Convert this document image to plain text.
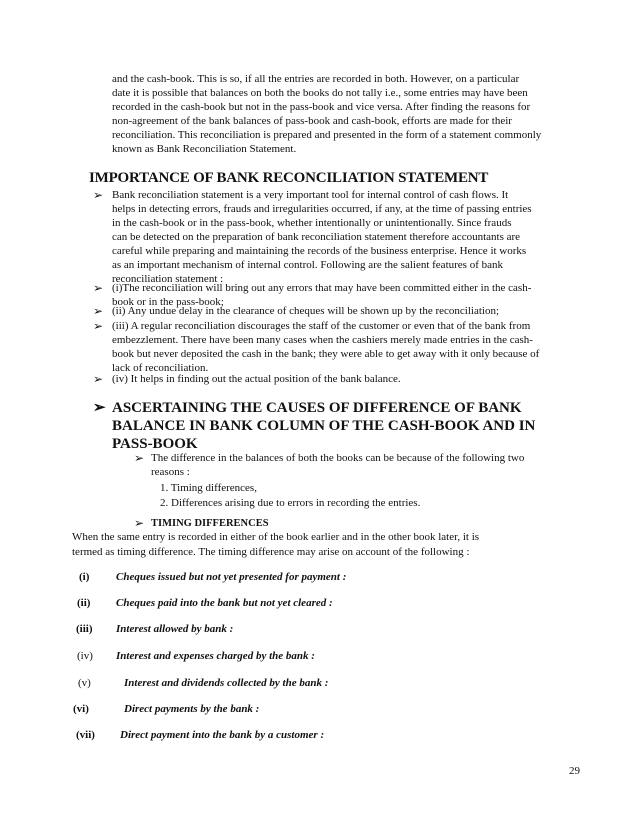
and the cash-book. This is so, if all the entries are recorded in both. However, on a particular
date it is possible that balances on both the books do not tally i.e., some entries may have been
recorded in the cash-book but not in the pass-book and vice versa. After finding the reasons for
non-agreement of the bank balances of pass-book and cash-book, efforts are made for their
reconciliation. This reconciliation is prepared and presented in the form of a statement commonly
known as Bank Reconciliation Statement.
IMPORTANCE OF BANK RECONCILIATION STATEMENT
➢ Bank reconciliation statement is a very important tool for internal control of cash flows. It
helps in detecting errors, frauds and irregularities occurred, if any, at the time of passing entries
in the cash-book or in the pass-book, whether intentionally or unintentionally. Since frauds
can be detected on the preparation of bank reconciliation statement therefore accountants are
careful while preparing and maintaining the records of the business enterprise. Hence it works
as an important mechanism of internal control. Following are the salient features of bank
reconciliation statement :
➢ (i)The reconciliation will bring out any errors that may have been committed either in the cash-
book or in the pass-book;
➢ (ii) Any undue delay in the clearance of cheques will be shown up by the reconciliation;
➢ (iii) A regular reconciliation discourages the staff of the customer or even that of the bank from
embezzlement. There have been many cases when the cashiers merely made entries in the cash-
book but never deposited the cash in the bank; they were able to get away with it only because of
lack of reconciliation.
➢ (iv) It helps in finding out the actual position of the bank balance.
➢ ASCERTAINING THE CAUSES OF DIFFERENCE OF BANK
BALANCE IN BANK COLUMN OF THE CASH-BOOK AND IN
PASS-BOOK
➢ The difference in the balances of both the books can be because of the following two
reasons :
1. Timing differences,
2. Differences arising due to errors in recording the entries.
➢ TIMING DIFFERENCES
When the same entry is recorded in either of the book earlier and in the other book later, it is
termed as timing difference. The timing difference may arise on account of the following :
(i) Cheques issued but not yet presented for payment :
(ii) Cheques paid into the bank but not yet cleared :
(iii) Interest allowed by bank :
(iv) Interest and expenses charged by the bank :
(v)	Interest and dividends collected by the bank :
(vi)	Direct payments by the bank :
(vii) Direct payment into the bank by a customer :
29
